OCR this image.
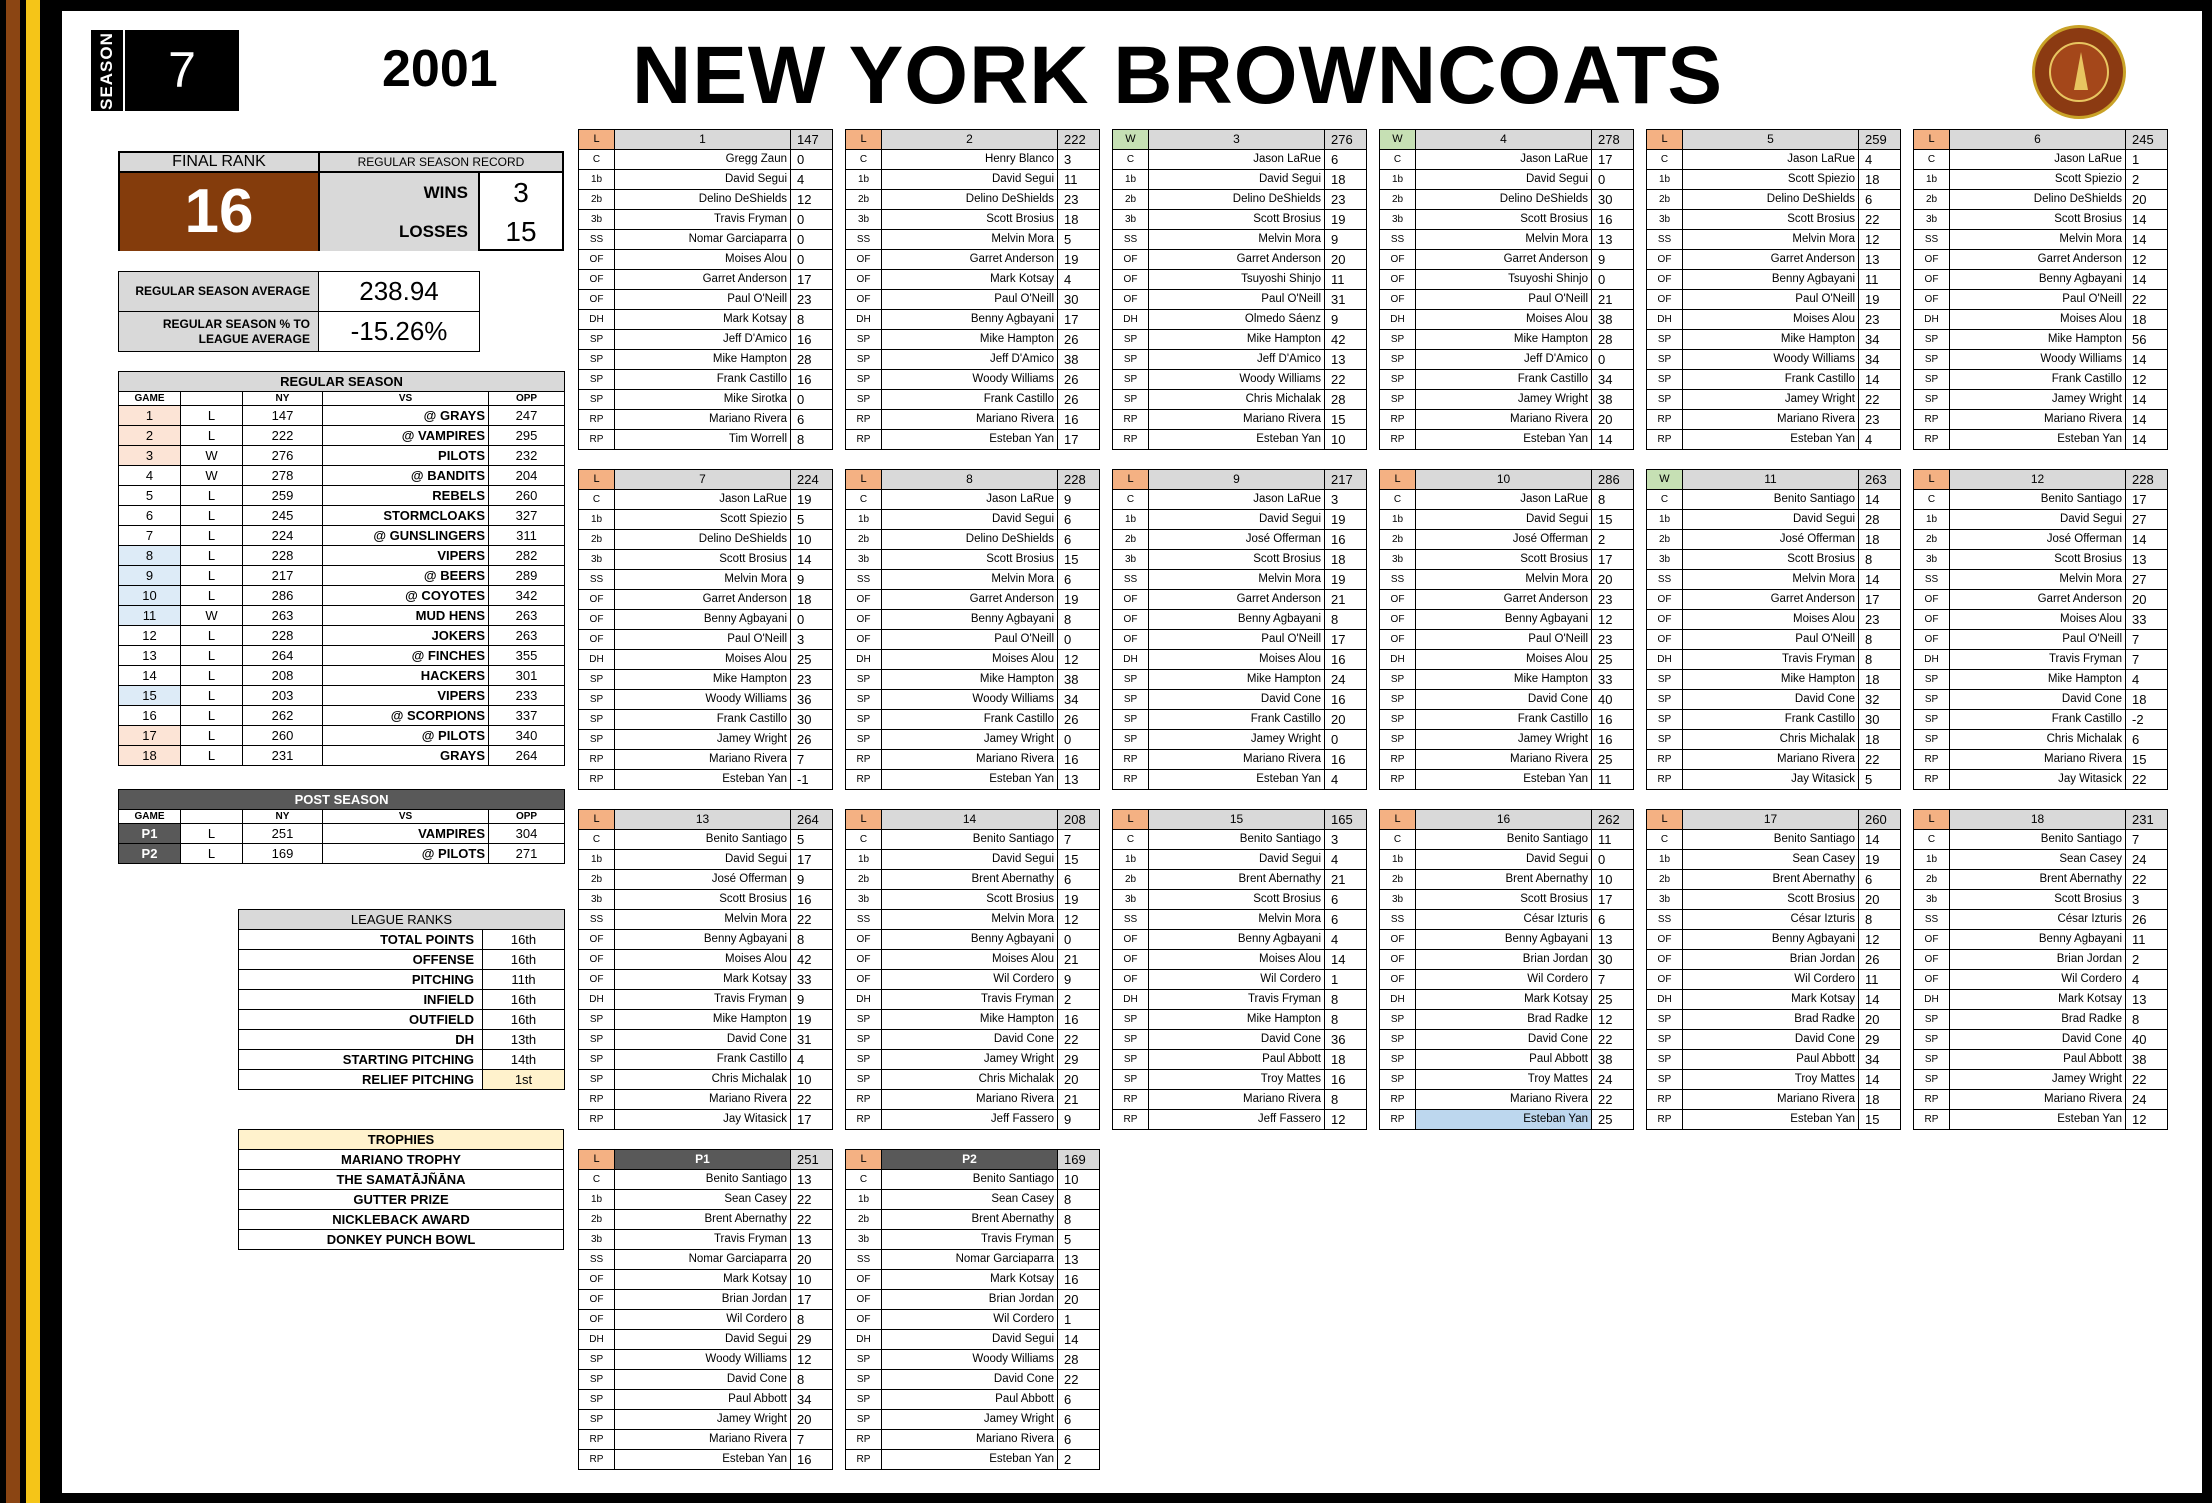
SEASON	7	2001 NEW YORK BROWNCOATS
FINAL RANK
16
REGULAR SEASON RECORD
WINS	3
LOSSES	15
REGULAR SEASON AVERAGE	238.94
REGULAR SEASON % TO LEAGUE AVERAGE	-15.26%
REGULAR SEASON				
GAME		NY	VS	OPP
1	L	147	@ GRAYS	247
2	L	222	@ VAMPIRES	295
3	W	276	PILOTS	232
4	W	278	@ BANDITS	204
5	L	259	REBELS	260
6	L	245	STORMCLOAKS	327
7	L	224	@ GUNSLINGERS	311
8	L	228	VIPERS	282
9	L	217	@ BEERS	289
10	L	286	@ COYOTES	342
11	W	263	MUD HENS	263
12	L	228	JOKERS	263
13	L	264	@ FINCHES	355
14	L	208	HACKERS	301
15	L	203	VIPERS	233
16	L	262	@ SCORPIONS	337
17	L	260	@ PILOTS	340
18	L	231	GRAYS	264
POST SEASON				
GAME		NY	VS	OPP
P1	L	251	VAMPIRES	304
P2	L	169	@ PILOTS	271
LEAGUE RANKS	
TOTAL POINTS	16th
OFFENSE	16th
PITCHING	11th
INFIELD	16th
OUTFIELD	16th
DH	13th
STARTING PITCHING	14th
RELIEF PITCHING	1st
TROPHIES
MARIANO TROPHY
THE SAMATĀJÑĀNA
GUTTER PRIZE
NICKLEBACK AWARD
DONKEY PUNCH BOWL
L	1	147
C	Gregg Zaun	0
1b	David Segui	4
2b	Delino DeShields	12
3b	Travis Fryman	0
SS	Nomar Garciaparra	0
OF	Moises Alou	0
OF	Garret Anderson	17
OF	Paul O'Neill	23
DH	Mark Kotsay	8
SP	Jeff D'Amico	16
SP	Mike Hampton	28
SP	Frank Castillo	16
SP	Mike Sirotka	0
RP	Mariano Rivera	6
RP	Tim Worrell	8
L	2	222
C	Henry Blanco	3
1b	David Segui	11
2b	Delino DeShields	23
3b	Scott Brosius	18
SS	Melvin Mora	5
OF	Garret Anderson	19
OF	Mark Kotsay	4
OF	Paul O'Neill	30
DH	Benny Agbayani	17
SP	Mike Hampton	26
SP	Jeff D'Amico	38
SP	Woody Williams	26
SP	Frank Castillo	26
RP	Mariano Rivera	16
RP	Esteban Yan	17
W	3	276
C	Jason LaRue	6
1b	David Segui	18
2b	Delino DeShields	23
3b	Scott Brosius	19
SS	Melvin Mora	9
OF	Garret Anderson	20
OF	Tsuyoshi Shinjo	11
OF	Paul O'Neill	31
DH	Olmedo Sáenz	9
SP	Mike Hampton	42
SP	Jeff D'Amico	13
SP	Woody Williams	22
SP	Chris Michalak	28
RP	Mariano Rivera	15
RP	Esteban Yan	10
W	4	278
C	Jason LaRue	17
1b	David Segui	0
2b	Delino DeShields	30
3b	Scott Brosius	16
SS	Melvin Mora	13
OF	Garret Anderson	9
OF	Tsuyoshi Shinjo	0
OF	Paul O'Neill	21
DH	Moises Alou	38
SP	Mike Hampton	28
SP	Jeff D'Amico	0
SP	Frank Castillo	34
SP	Jamey Wright	38
RP	Mariano Rivera	20
RP	Esteban Yan	14
L	5	259
C	Jason LaRue	4
1b	Scott Spiezio	18
2b	Delino DeShields	6
3b	Scott Brosius	22
SS	Melvin Mora	12
OF	Garret Anderson	13
OF	Benny Agbayani	11
OF	Paul O'Neill	19
DH	Moises Alou	23
SP	Mike Hampton	34
SP	Woody Williams	34
SP	Frank Castillo	14
SP	Jamey Wright	22
RP	Mariano Rivera	23
RP	Esteban Yan	4
L	6	245
C	Jason LaRue	1
1b	Scott Spiezio	2
2b	Delino DeShields	20
3b	Scott Brosius	14
SS	Melvin Mora	14
OF	Garret Anderson	12
OF	Benny Agbayani	14
OF	Paul O'Neill	22
DH	Moises Alou	18
SP	Mike Hampton	56
SP	Woody Williams	14
SP	Frank Castillo	12
SP	Jamey Wright	14
RP	Mariano Rivera	14
RP	Esteban Yan	14
L	7	224
C	Jason LaRue	19
1b	Scott Spiezio	5
2b	Delino DeShields	10
3b	Scott Brosius	14
SS	Melvin Mora	9
OF	Garret Anderson	18
OF	Benny Agbayani	0
OF	Paul O'Neill	3
DH	Moises Alou	25
SP	Mike Hampton	23
SP	Woody Williams	36
SP	Frank Castillo	30
SP	Jamey Wright	26
RP	Mariano Rivera	7
RP	Esteban Yan	-1
L	8	228
C	Jason LaRue	9
1b	David Segui	6
2b	Delino DeShields	6
3b	Scott Brosius	15
SS	Melvin Mora	6
OF	Garret Anderson	19
OF	Benny Agbayani	8
OF	Paul O'Neill	0
DH	Moises Alou	12
SP	Mike Hampton	38
SP	Woody Williams	34
SP	Frank Castillo	26
SP	Jamey Wright	0
RP	Mariano Rivera	16
RP	Esteban Yan	13
L	9	217
C	Jason LaRue	3
1b	David Segui	19
2b	José Offerman	16
3b	Scott Brosius	18
SS	Melvin Mora	19
OF	Garret Anderson	21
OF	Benny Agbayani	8
OF	Paul O'Neill	17
DH	Moises Alou	16
SP	Mike Hampton	24
SP	David Cone	16
SP	Frank Castillo	20
SP	Jamey Wright	0
RP	Mariano Rivera	16
RP	Esteban Yan	4
L	10	286
C	Jason LaRue	8
1b	David Segui	15
2b	José Offerman	2
3b	Scott Brosius	17
SS	Melvin Mora	20
OF	Garret Anderson	23
OF	Benny Agbayani	12
OF	Paul O'Neill	23
DH	Moises Alou	25
SP	Mike Hampton	33
SP	David Cone	40
SP	Frank Castillo	16
SP	Jamey Wright	16
RP	Mariano Rivera	25
RP	Esteban Yan	11
W	11	263
C	Benito Santiago	14
1b	David Segui	28
2b	José Offerman	18
3b	Scott Brosius	8
SS	Melvin Mora	14
OF	Garret Anderson	17
OF	Moises Alou	23
OF	Paul O'Neill	8
DH	Travis Fryman	8
SP	Mike Hampton	18
SP	David Cone	32
SP	Frank Castillo	30
SP	Chris Michalak	18
RP	Mariano Rivera	22
RP	Jay Witasick	5
L	12	228
C	Benito Santiago	17
1b	David Segui	27
2b	José Offerman	14
3b	Scott Brosius	13
SS	Melvin Mora	27
OF	Garret Anderson	20
OF	Moises Alou	33
OF	Paul O'Neill	7
DH	Travis Fryman	7
SP	Mike Hampton	4
SP	David Cone	18
SP	Frank Castillo	-2
SP	Chris Michalak	6
RP	Mariano Rivera	15
RP	Jay Witasick	22
L	13	264
C	Benito Santiago	5
1b	David Segui	17
2b	José Offerman	9
3b	Scott Brosius	16
SS	Melvin Mora	22
OF	Benny Agbayani	8
OF	Moises Alou	42
OF	Mark Kotsay	33
DH	Travis Fryman	9
SP	Mike Hampton	19
SP	David Cone	31
SP	Frank Castillo	4
SP	Chris Michalak	10
RP	Mariano Rivera	22
RP	Jay Witasick	17
L	14	208
C	Benito Santiago	7
1b	David Segui	15
2b	Brent Abernathy	6
3b	Scott Brosius	19
SS	Melvin Mora	12
OF	Benny Agbayani	0
OF	Moises Alou	21
OF	Wil Cordero	9
DH	Travis Fryman	2
SP	Mike Hampton	16
SP	David Cone	22
SP	Jamey Wright	29
SP	Chris Michalak	20
RP	Mariano Rivera	21
RP	Jeff Fassero	9
L	15	165
C	Benito Santiago	3
1b	David Segui	4
2b	Brent Abernathy	21
3b	Scott Brosius	6
SS	Melvin Mora	6
OF	Benny Agbayani	4
OF	Moises Alou	14
OF	Wil Cordero	1
DH	Travis Fryman	8
SP	Mike Hampton	8
SP	David Cone	36
SP	Paul Abbott	18
SP	Troy Mattes	16
RP	Mariano Rivera	8
RP	Jeff Fassero	12
L	16	262
C	Benito Santiago	11
1b	David Segui	0
2b	Brent Abernathy	10
3b	Scott Brosius	17
SS	César Izturis	6
OF	Benny Agbayani	13
OF	Brian Jordan	30
OF	Wil Cordero	7
DH	Mark Kotsay	25
SP	Brad Radke	12
SP	David Cone	22
SP	Paul Abbott	38
SP	Troy Mattes	24
RP	Mariano Rivera	22
RP	Esteban Yan	25
L	17	260
C	Benito Santiago	14
1b	Sean Casey	19
2b	Brent Abernathy	6
3b	Scott Brosius	20
SS	César Izturis	8
OF	Benny Agbayani	12
OF	Brian Jordan	26
OF	Wil Cordero	11
DH	Mark Kotsay	14
SP	Brad Radke	20
SP	David Cone	29
SP	Paul Abbott	34
SP	Troy Mattes	14
RP	Mariano Rivera	18
RP	Esteban Yan	15
L	18	231
C	Benito Santiago	7
1b	Sean Casey	24
2b	Brent Abernathy	22
3b	Scott Brosius	3
SS	César Izturis	26
OF	Benny Agbayani	11
OF	Brian Jordan	2
OF	Wil Cordero	4
DH	Mark Kotsay	13
SP	Brad Radke	8
SP	David Cone	40
SP	Paul Abbott	38
SP	Jamey Wright	22
RP	Mariano Rivera	24
RP	Esteban Yan	12
L	P1	251
C	Benito Santiago	13
1b	Sean Casey	22
2b	Brent Abernathy	22
3b	Travis Fryman	13
SS	Nomar Garciaparra	20
OF	Mark Kotsay	10
OF	Brian Jordan	17
OF	Wil Cordero	8
DH	David Segui	29
SP	Woody Williams	12
SP	David Cone	8
SP	Paul Abbott	34
SP	Jamey Wright	20
RP	Mariano Rivera	7
RP	Esteban Yan	16
L	P2	169
C	Benito Santiago	10
1b	Sean Casey	8
2b	Brent Abernathy	8
3b	Travis Fryman	5
SS	Nomar Garciaparra	13
OF	Mark Kotsay	16
OF	Brian Jordan	20
OF	Wil Cordero	1
DH	David Segui	14
SP	Woody Williams	28
SP	David Cone	22
SP	Paul Abbott	6
SP	Jamey Wright	6
RP	Mariano Rivera	6
RP	Esteban Yan	2
